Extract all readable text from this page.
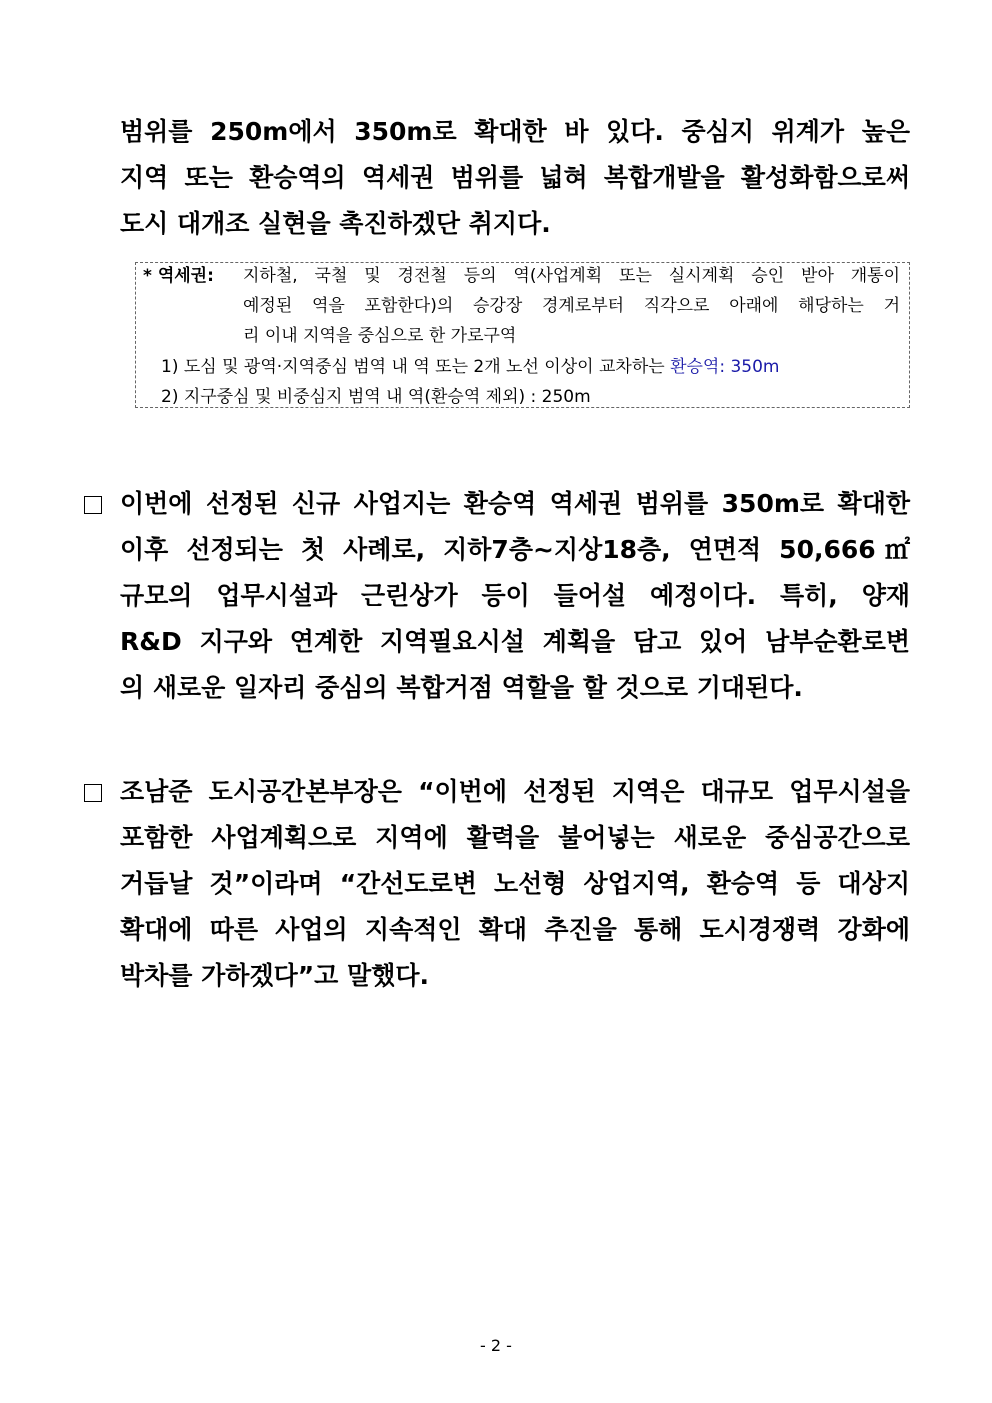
범위를 250m에서 350m로 확대한 바 있다. 중심지 위계가 높은
지역 또는 환승역의 역세권 범위를 넓혀 복합개발을 활성화함으로써
도시 대개조 실현을 촉진하겠단 취지다.
* 역세권: 지하철, 국철 및 경전철 등의 역(사업계획 또는 실시계획 승인 받아 개통이
예정된 역을 포함한다)의 승강장 경계로부터 직각으로 아래에 해당하는 거
리 이내 지역을 중심으로 한 가로구역
1) 도심 및 광역·지역중심 범역 내 역 또는 2개 노선 이상이 교차하는 환승역: 350m
2) 지구중심 및 비중심지 범역 내 역(환승역 제외) : 250m
이번에 선정된 신규 사업지는 환승역 역세권 범위를 350m로 확대한
이후 선정되는 첫 사례로, 지하7층~지상18층, 연면적 50,666㎡
규모의 업무시설과 근린상가 등이 들어설 예정이다. 특히, 양재
R&D 지구와 연계한 지역필요시설 계획을 담고 있어 남부순환로변
의 새로운 일자리 중심의 복합거점 역할을 할 것으로 기대된다.
조남준 도시공간본부장은 “이번에 선정된 지역은 대규모 업무시설을
포함한 사업계획으로 지역에 활력을 불어넣는 새로운 중심공간으로
거듭날 것”이라며 “간선도로변 노선형 상업지역, 환승역 등 대상지
확대에 따른 사업의 지속적인 확대 추진을 통해 도시경쟁력 강화에
박차를 가하겠다”고 말했다.
- 2 -
